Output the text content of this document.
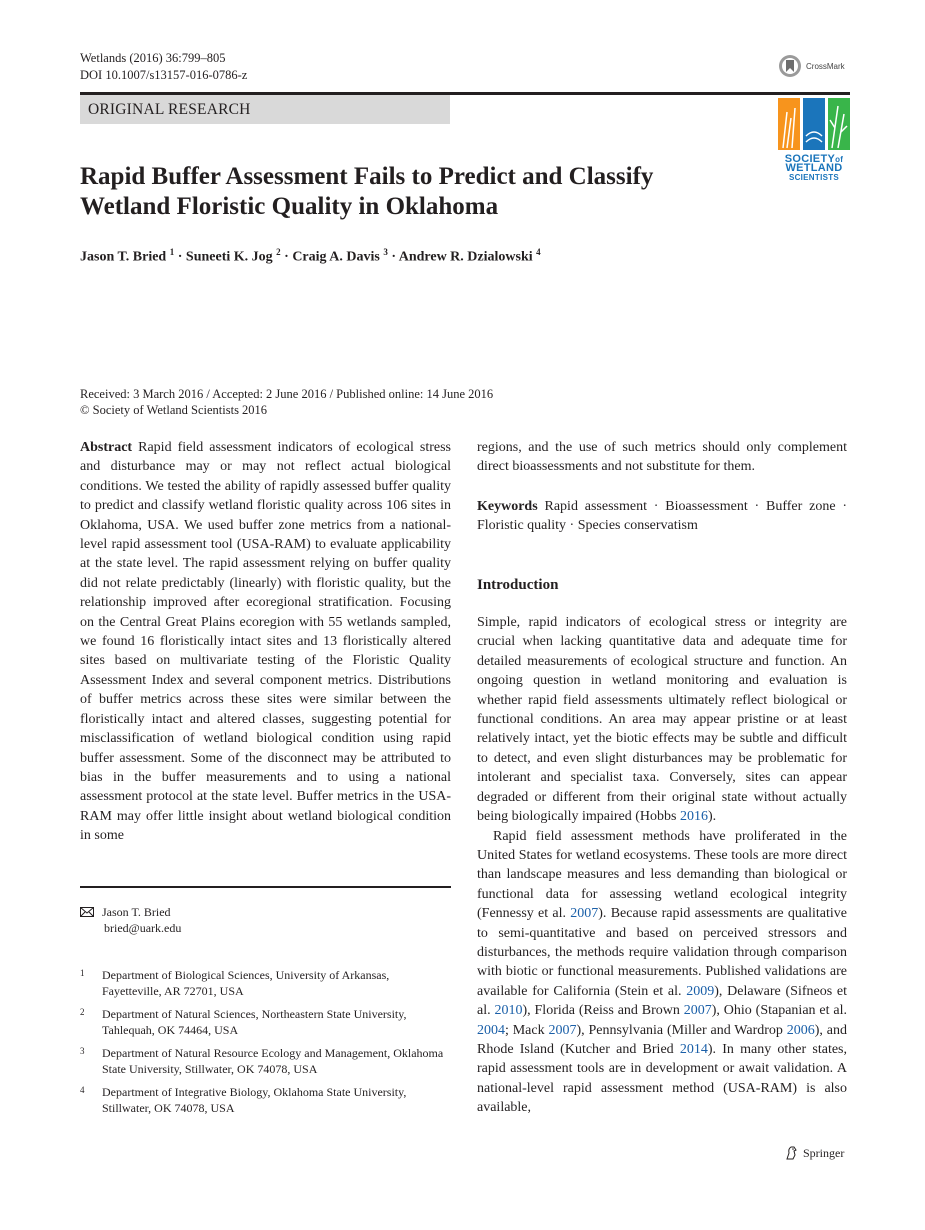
Wetlands (2016) 36:799–805
DOI 10.1007/s13157-016-0786-z
CrossMark
ORIGINAL RESEARCH
SOCIETYof
WETLAND
SCIENTISTS
Rapid Buffer Assessment Fails to Predict and Classify
Wetland Floristic Quality in Oklahoma
Jason T. Bried $^1$ · Suneeti K. Jog $^2$ · Craig A. Davis $^3$ · Andrew R. Dzialowski $^4$
Received: 3 March 2016 / Accepted: 2 June 2016 / Published online: 14 June 2016
© Society of Wetland Scientists 2016

Abstract Rapid field assessment indicators of ecological stress and disturbance may or may not reflect actual biological conditions. We tested the ability of rapidly assessed buffer quality to predict and classify wetland floristic quality across 106 sites in Oklahoma, USA. We used buffer zone metrics from a national-level rapid assessment tool (USA-RAM) to evaluate applicability at the state level. The rapid assessment relying on buffer quality did not relate predictably (linearly) with floristic quality, but the relationship improved after ecoregional stratification. Focusing on the Central Great Plains ecoregion with 55 wetlands sampled, we found 16 floristically intact sites and 13 floristically altered sites based on multivariate testing of the Floristic Quality Assessment Index and several component metrics. Distributions of buffer metrics across these sites were similar between the floristically intact and altered classes, suggesting potential for misclassification of wetland biological condition using rapid buffer assessment. Some of the disconnect may be attributed to bias in the buffer measurements and to using a national assessment protocol at the state level. Buffer metrics in the USA-RAM may offer little insight about wetland biological condition in some

Jason T. Bried
bried@uark.edu
1	Department of Biological Sciences, University of Arkansas, Fayetteville, AR 72701, USA
2	Department of Natural Sciences, Northeastern State University, Tahlequah, OK 74464, USA
3	Department of Natural Resource Ecology and Management, Oklahoma State University, Stillwater, OK 74078, USA
4	Department of Integrative Biology, Oklahoma State University, Stillwater, OK 74078, USA

regions, and the use of such metrics should only complement direct bioassessments and not substitute for them.

Keywords Rapid assessment · Bioassessment · Buffer zone · Floristic quality · Species conservatism

Introduction

Simple, rapid indicators of ecological stress or integrity are crucial when lacking quantitative data and adequate time for detailed measurements of ecological structure and function. An ongoing question in wetland monitoring and evaluation is whether rapid field assessments ultimately reflect biological or functional conditions. An area may appear pristine or at least relatively intact, yet the biotic effects may be subtle and difficult to detect, and even slight disturbances may be problematic for intolerant and specialist taxa. Conversely, sites can appear degraded or different from their original state without actually being biologically impaired (Hobbs 2016).

Rapid field assessment methods have proliferated in the United States for wetland ecosystems. These tools are more direct than landscape measures and less demanding than biological or functional data for assessing wetland ecological integrity (Fennessy et al. 2007). Because rapid assessments are qualitative to semi-quantitative and based on perceived stressors and disturbances, the methods require validation through comparison with biotic or functional measurements. Published validations are available for California (Stein et al. 2009), Delaware (Sifneos et al. 2010), Florida (Reiss and Brown 2007), Ohio (Stapanian et al. 2004; Mack 2007), Pennsylvania (Miller and Wardrop 2006), and Rhode Island (Kutcher and Bried 2014). In many other states, rapid assessment tools are in development or await validation. A national-level rapid assessment method (USA-RAM) is also available,

Springer
